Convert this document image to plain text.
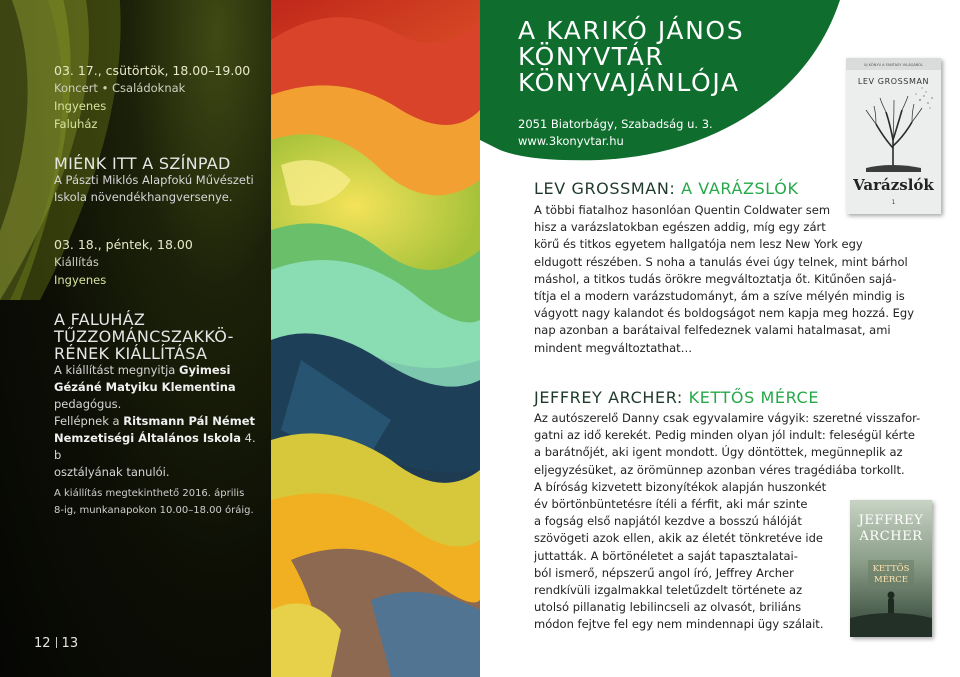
03. 17., csütörtök, 18.00–19.00
Koncert • Családoknak
Ingyenes
Faluház
MIÉNK ITT A SZÍNPAD
A Pászti Miklós Alapfokú Művészeti
Iskola növendékhangversenye.
03. 18., péntek, 18.00
Kiállítás
Ingyenes
A FALUHÁZ
TŰZZOMÁNCSZAKKÖ-
RÉNEK KIÁLLÍTÁSA
A kiállítást megnyitja Gyimesi
Gézáné Matyiku Klementina
pedagógus.
Fellépnek a Ritsmann Pál Német
Nemzetiségi Általános Iskola 4. b
osztályának tanulói.
A kiállítás megtekinthető 2016. április
8-ig, munkanapokon 10.00–18.00 óráig.
12 13
A KARIKÓ JÁNOS
KÖNYVTÁR
KÖNYVAJÁNLÓJA
2051 Biatorbágy, Szabadság u. 3.
www.3konyvtar.hu
LEV GROSSMAN: A VARÁZSLÓK
A többi fiatalhoz hasonlóan Quentin Coldwater sem
hisz a varázslatokban egészen addig, míg egy zárt
körű és titkos egyetem hallgatója nem lesz New York egy
eldugott részében. S noha a tanulás évei úgy telnek, mint bárhol
máshol, a titkos tudás örökre megváltoztatja őt. Kitűnően sajá-
títja el a modern varázstudományt, ám a szíve mélyén mindig is
vágyott nagy kalandot és boldogságot nem kapja meg hozzá. Egy
nap azonban a barátaival felfedeznek valami hatalmasat, ami
mindent megváltoztathat…
JEFFREY ARCHER: KETTŐS MÉRCE
Az autószerelő Danny csak egyvalamire vágyik: szeretné visszafor-
gatni az idő kerekét. Pedig minden olyan jól indult: feleségül kérte
a barátnőjét, aki igent mondott. Úgy döntöttek, megünneplik az
eljegyzésüket, az örömünnep azonban véres tragédiába torkollt.
A bíróság kizvetett bizonyítékok alapján huszonkét
év börtönbüntetésre ítéli a férfit, aki már szinte
a fogság első napjától kezdve a bosszú hálóját
szövögeti azok ellen, akik az életét tönkretéve ide
juttatták. A börtönéletet a saját tapasztalatai-
ból ismerő, népszerű angol író, Jeffrey Archer
rendkívüli izgalmakkal teletűzdelt története az
utolsó pillanatig lebilincseli az olvasót, briliáns
módon fejtve fel egy nem mindennapi ügy szálait.
ÚJ KÖNYV A FANTASY VILÁGÁBÓL
LEV GROSSMAN
Varázslók
1
JEFFREY
ARCHER
KETTŐS
MÉRCE
